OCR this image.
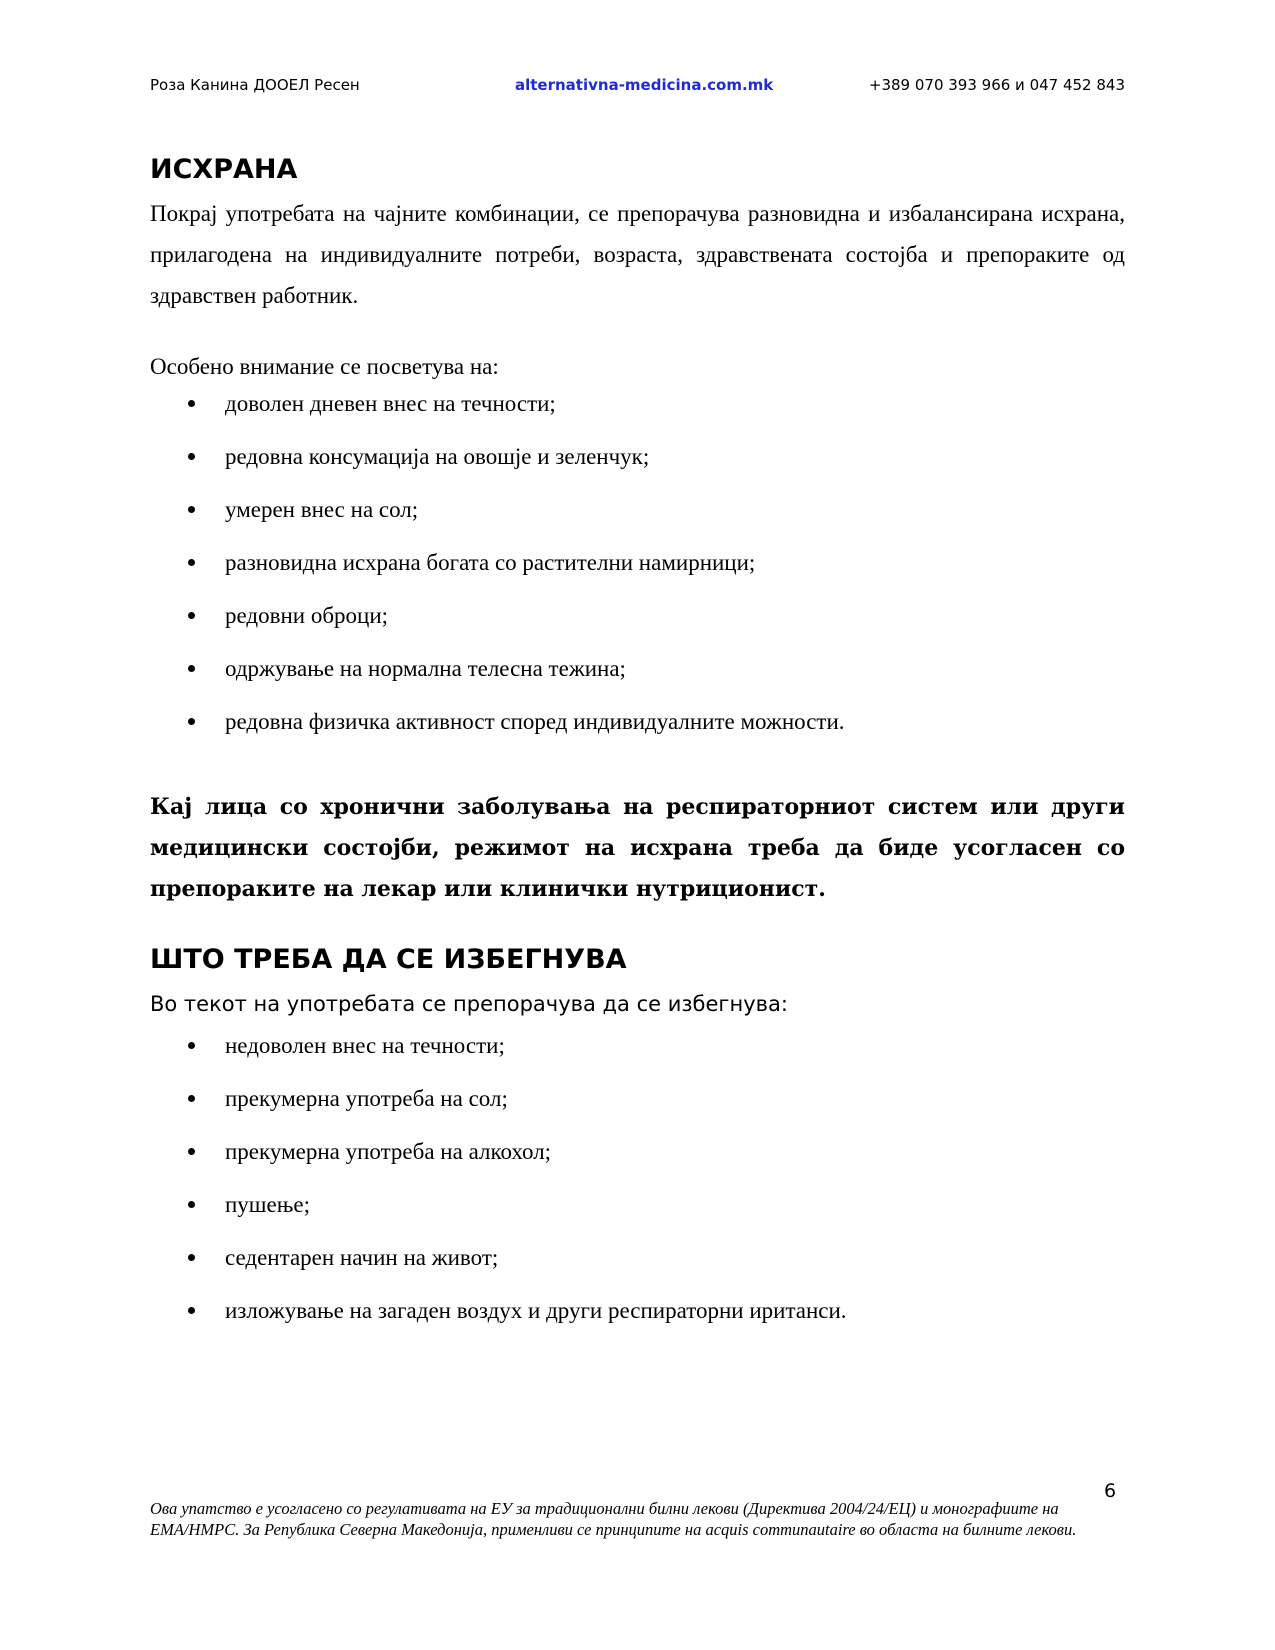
Роза Канина ДООЕЛ Ресен	alternativna-medicina.com.mk	+389 070 393 966 и 047 452 843
ИСХРАНА

Покрај употребата на чајните комбинации, се препорачува разновидна и избалансирана исхрана, прилагодена на индивидуалните потреби, возраста, здравствената состојба и препораките од здравствен работник.

Особено внимание се посветува на:

доволен дневен внес на течности;
редовна консумација на овошје и зеленчук;
умерен внес на сол;
разновидна исхрана богата со растителни намирници;
редовни оброци;
одржување на нормална телесна тежина;
редовна физичка активност според индивидуалните можности.

Кај лица со хронични заболувања на респираторниот систем или други медицински состојби, режимот на исхрана треба да биде усогласен со препораките на лекар или клинички нутриционист.

ШТО ТРЕБА ДА СЕ ИЗБЕГНУВА

Во текот на употребата се препорачува да се избегнува:

недоволен внес на течности;
прекумерна употреба на сол;
прекумерна употреба на алкохол;
пушење;
седентарен начин на живот;
изложување на загаден воздух и други респираторни иританси.
6
Ова упатство е усогласено со регулативата на ЕУ за традиционални билни лекови (Директива 2004/24/ЕЦ) и монографиите на ЕМА/HMPC. За Република Северна Македонија, применливи се принципите на acquis communautaire во областа на билните лекови.
